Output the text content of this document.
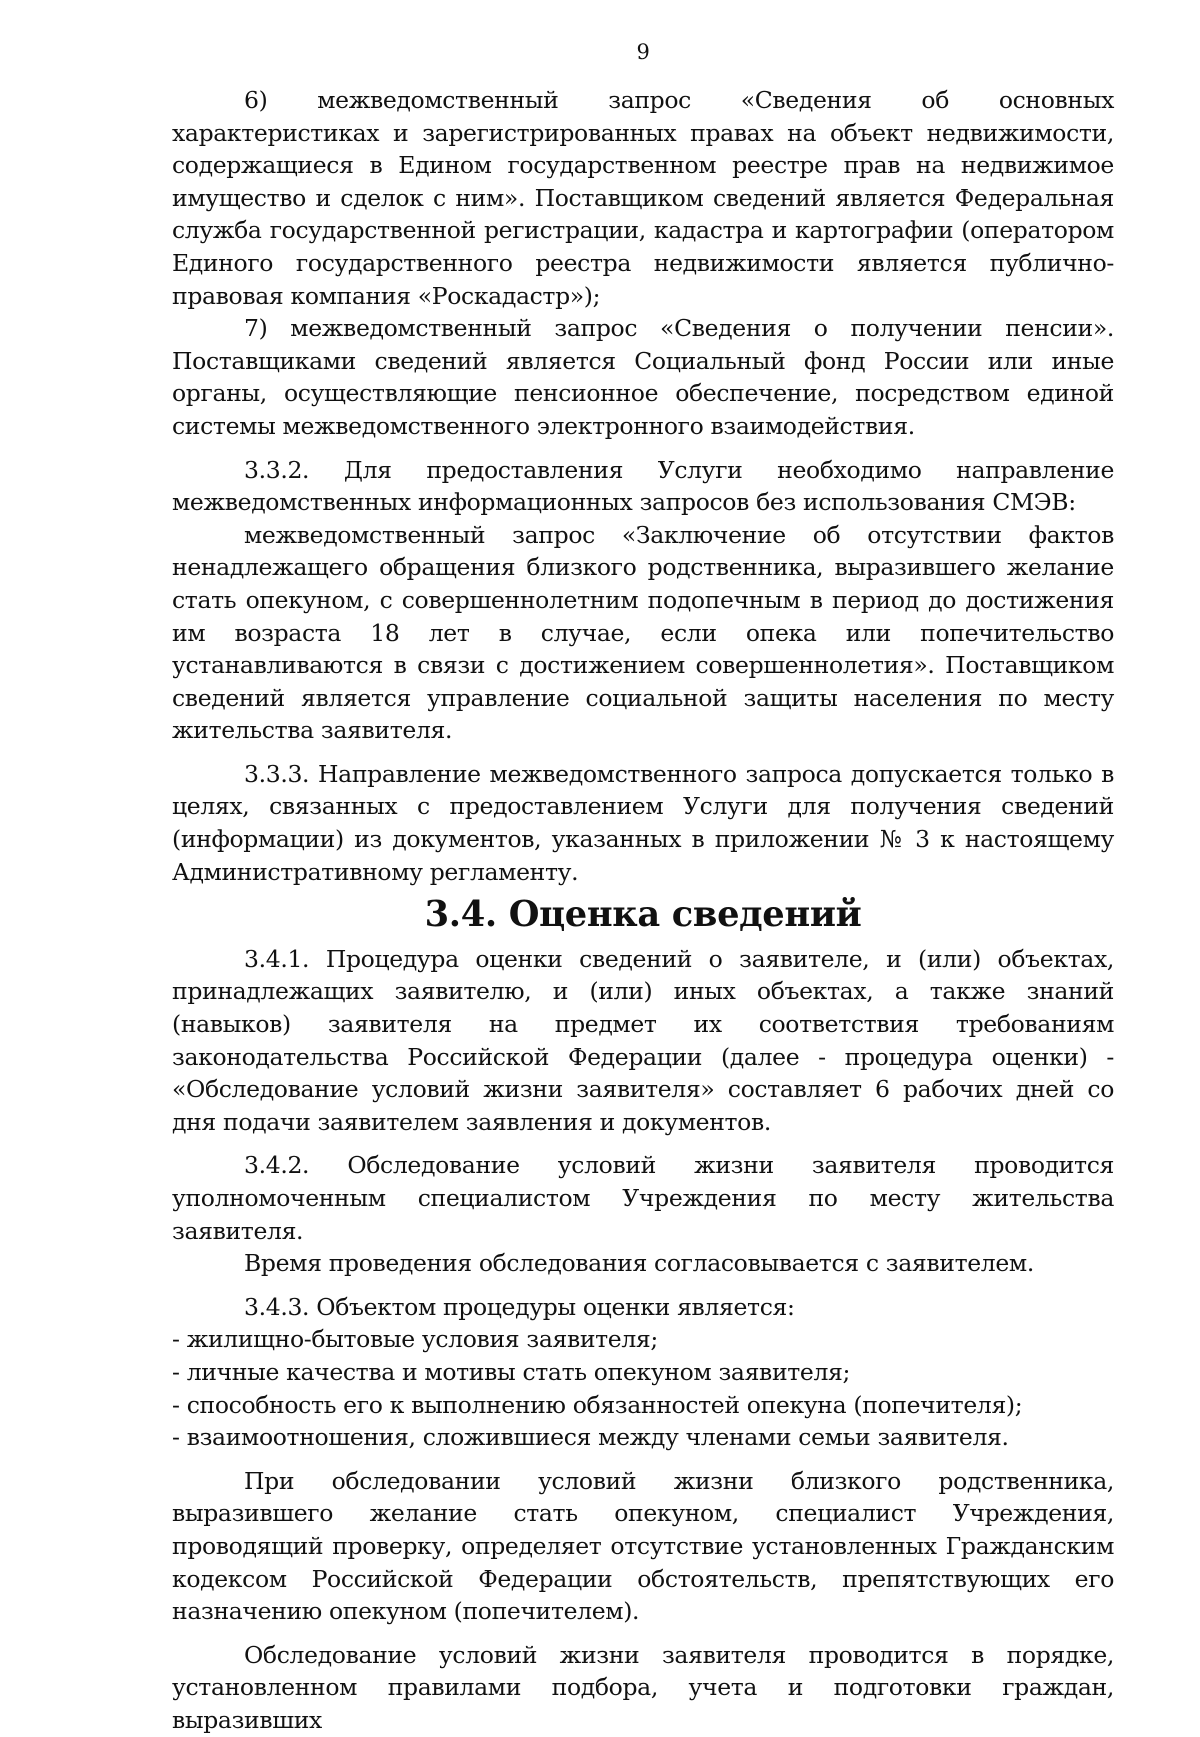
9

6) межведомственный запрос «Сведения об основных характеристиках и зарегистрированных правах на объект недвижимости, содержащиеся в Едином государственном реестре прав на недвижимое имущество и сделок с ним». Поставщиком сведений является Федеральная служба государственной регистрации, кадастра и картографии (оператором Единого государственного реестра недвижимости является публично-правовая компания «Роскадастр»);

7) межведомственный запрос «Сведения о получении пенсии». Поставщиками сведений является Социальный фонд России или иные органы, осуществляющие пенсионное обеспечение, посредством единой системы межведомственного электронного взаимодействия.

3.3.2. Для предоставления Услуги необходимо направление межведомственных информационных запросов без использования СМЭВ:

межведомственный запрос «Заключение об отсутствии фактов ненадлежащего обращения близкого родственника, выразившего желание стать опекуном, с совершеннолетним подопечным в период до достижения им возраста 18 лет в случае, если опека или попечительство устанавливаются в связи с достижением совершеннолетия». Поставщиком сведений является управление социальной защиты населения по месту жительства заявителя.

3.3.3. Направление межведомственного запроса допускается только в целях, связанных с предоставлением Услуги для получения сведений (информации) из документов, указанных в приложении № 3 к настоящему Административному регламенту.

3.4. Оценка сведений

3.4.1. Процедура оценки сведений о заявителе, и (или) объектах, принадлежащих заявителю, и (или) иных объектах, а также знаний (навыков) заявителя на предмет их соответствия требованиям законодательства Российской Федерации (далее - процедура оценки) - «Обследование условий жизни заявителя» составляет 6 рабочих дней со дня подачи заявителем заявления и документов.

3.4.2. Обследование условий жизни заявителя проводится уполномоченным специалистом Учреждения по месту жительства заявителя.

Время проведения обследования согласовывается с заявителем.

3.4.3. Объектом процедуры оценки является:

- жилищно-бытовые условия заявителя;
- личные качества и мотивы стать опекуном заявителя;
- способность его к выполнению обязанностей опекуна (попечителя);
- взаимоотношения, сложившиеся между членами семьи заявителя.

При обследовании условий жизни близкого родственника, выразившего желание стать опекуном, специалист Учреждения, проводящий проверку, определяет отсутствие установленных Гражданским кодексом Российской Федерации обстоятельств, препятствующих его назначению опекуном (попечителем).

Обследование условий жизни заявителя проводится в порядке, установленном правилами подбора, учета и подготовки граждан, выразивших
